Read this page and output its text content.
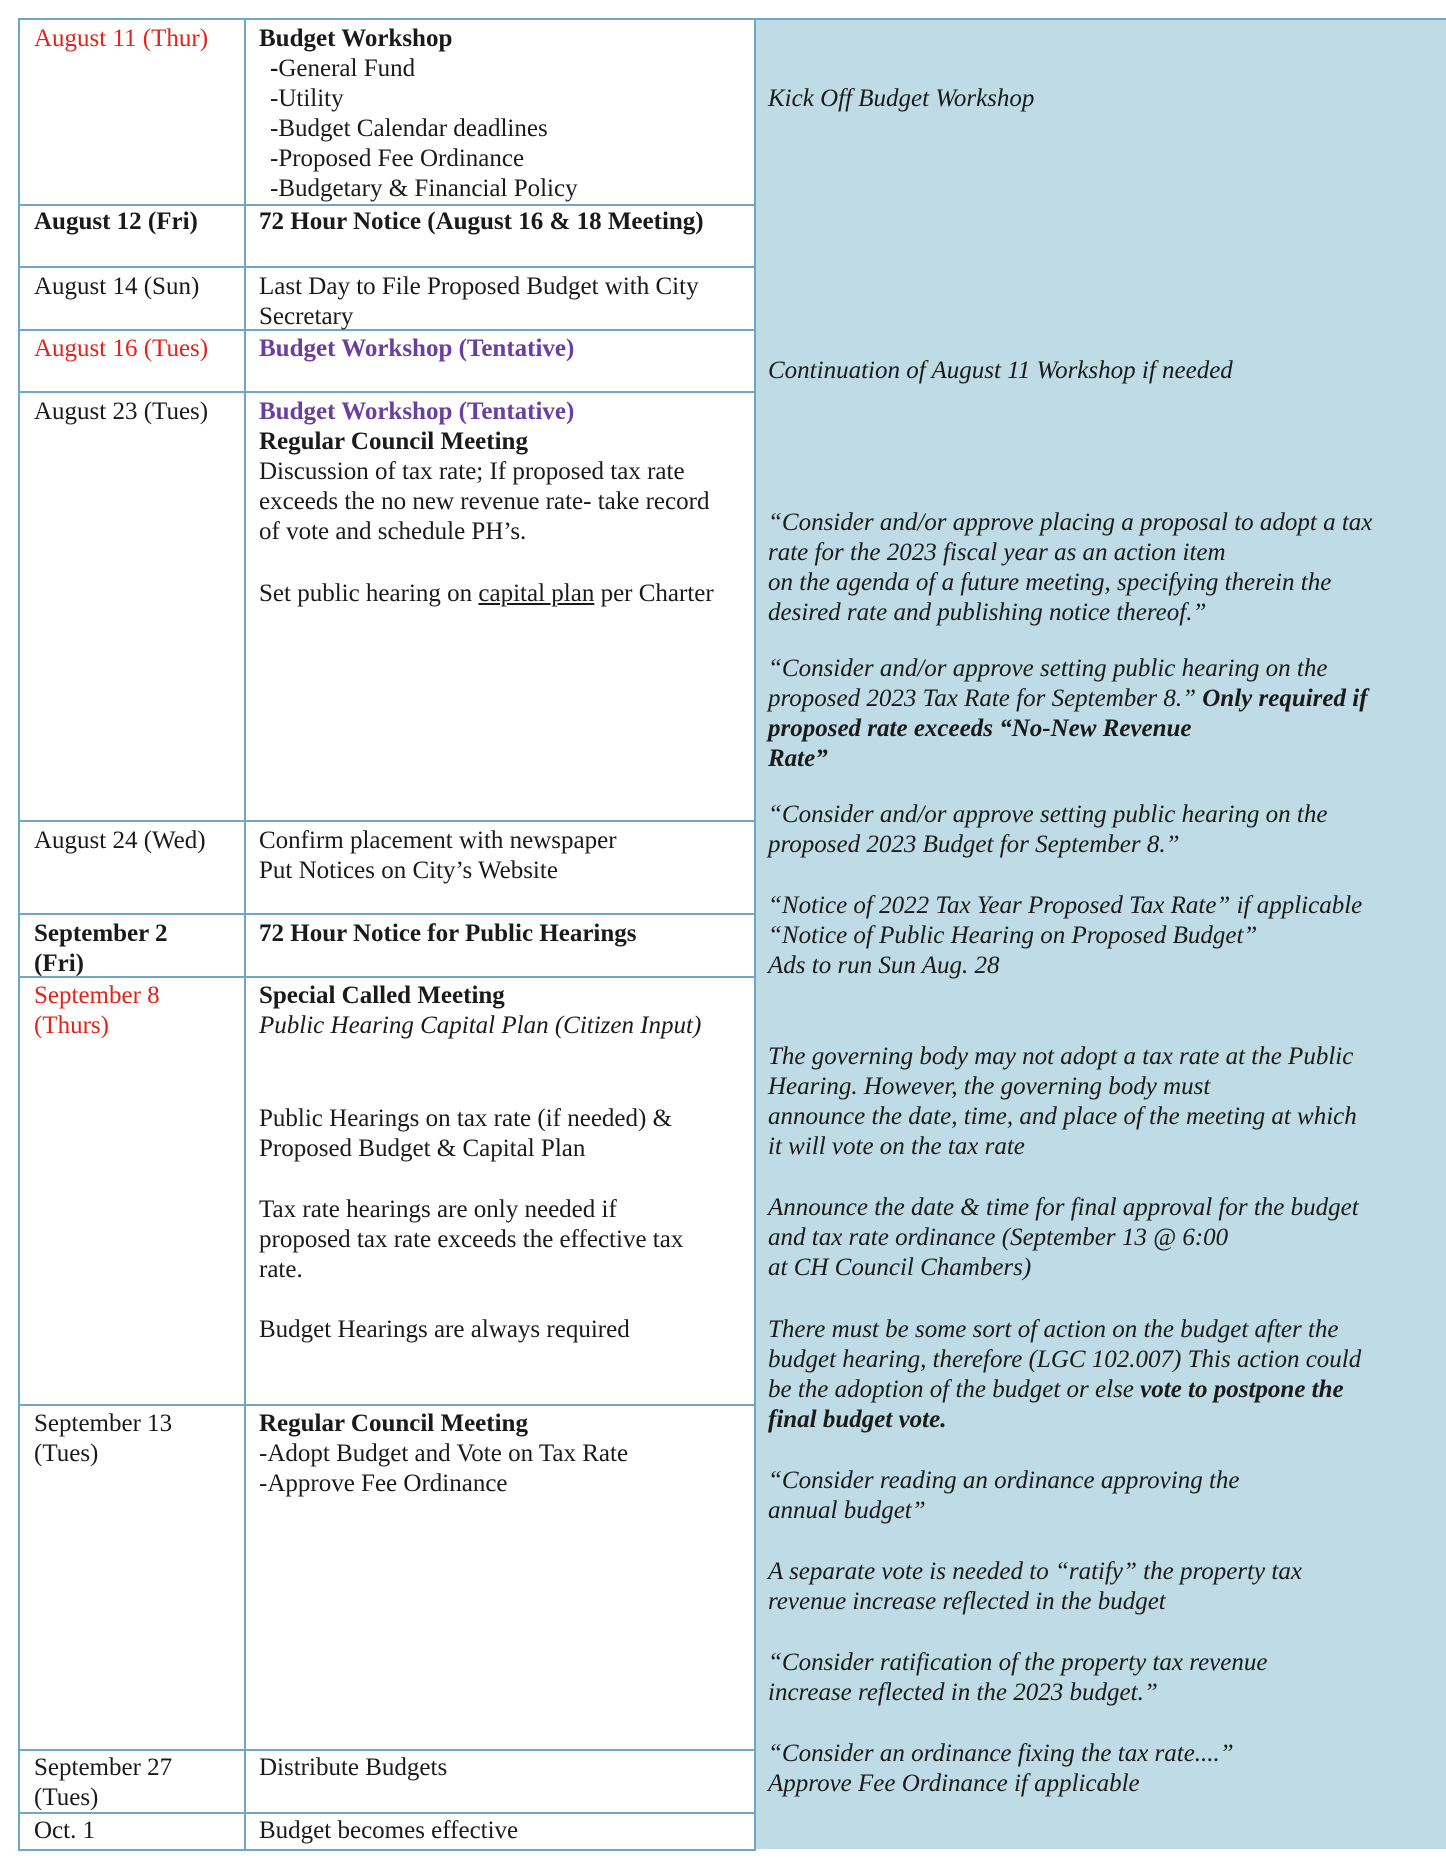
August 11 (Thur) Budget Workshop
-General Fund
-Utility
-Budget Calendar deadlines
-Proposed Fee Ordinance
-Budgetary & Financial Policy
August 12 (Fri) 72 Hour Notice (August 16 & 18 Meeting)
August 14 (Sun) Last Day to File Proposed Budget with City
Secretary
August 16 (Tues) Budget Workshop (Tentative)
August 23 (Tues) Budget Workshop (Tentative)
Regular Council Meeting
Discussion of tax rate; If proposed tax rate
exceeds the no new revenue rate- take record
of vote and schedule PH’s.
Set public hearing on capital plan per Charter
August 24 (Wed) Confirm placement with newspaper
Put Notices on City’s Website
September 2
(Fri)
72 Hour Notice for Public Hearings
September 8
(Thurs)
Special Called Meeting
Public Hearing Capital Plan (Citizen Input)
Public Hearings on tax rate (if needed) &
Proposed Budget & Capital Plan
Tax rate hearings are only needed if
proposed tax rate exceeds the effective tax
rate.
Budget Hearings are always required
September 13
(Tues)
Regular Council Meeting
-Adopt Budget and Vote on Tax Rate
-Approve Fee Ordinance
September 27
(Tues)
Distribute Budgets
Oct. 1	Budget becomes effective
Kick Off Budget Workshop
Continuation of August 11 Workshop if needed
“Consider and/or approve placing a proposal to adopt a tax
rate for the 2023 fiscal year as an action item
on the agenda of a future meeting, specifying therein the
desired rate and publishing notice thereof.”
“Consider and/or approve setting public hearing on the
proposed 2023 Tax Rate for September 8.” Only required if
proposed rate exceeds “No-New Revenue
Rate”
“Consider and/or approve setting public hearing on the
proposed 2023 Budget for September 8.”
“Notice of 2022 Tax Year Proposed Tax Rate” if applicable
“Notice of Public Hearing on Proposed Budget”
Ads to run Sun Aug. 28
The governing body may not adopt a tax rate at the Public
Hearing. However, the governing body must
announce the date, time, and place of the meeting at which
it will vote on the tax rate
Announce the date & time for final approval for the budget
and tax rate ordinance (September 13 @ 6:00
at CH Council Chambers)
There must be some sort of action on the budget after the
budget hearing, therefore (LGC 102.007) This action could
be the adoption of the budget or else vote to postpone the
final budget vote.
“Consider reading an ordinance approving the
annual budget”
A separate vote is needed to “ratify” the property tax
revenue increase reflected in the budget
“Consider ratification of the property tax revenue
increase reflected in the 2023 budget.”
“Consider an ordinance fixing the tax rate....”
Approve Fee Ordinance if applicable
